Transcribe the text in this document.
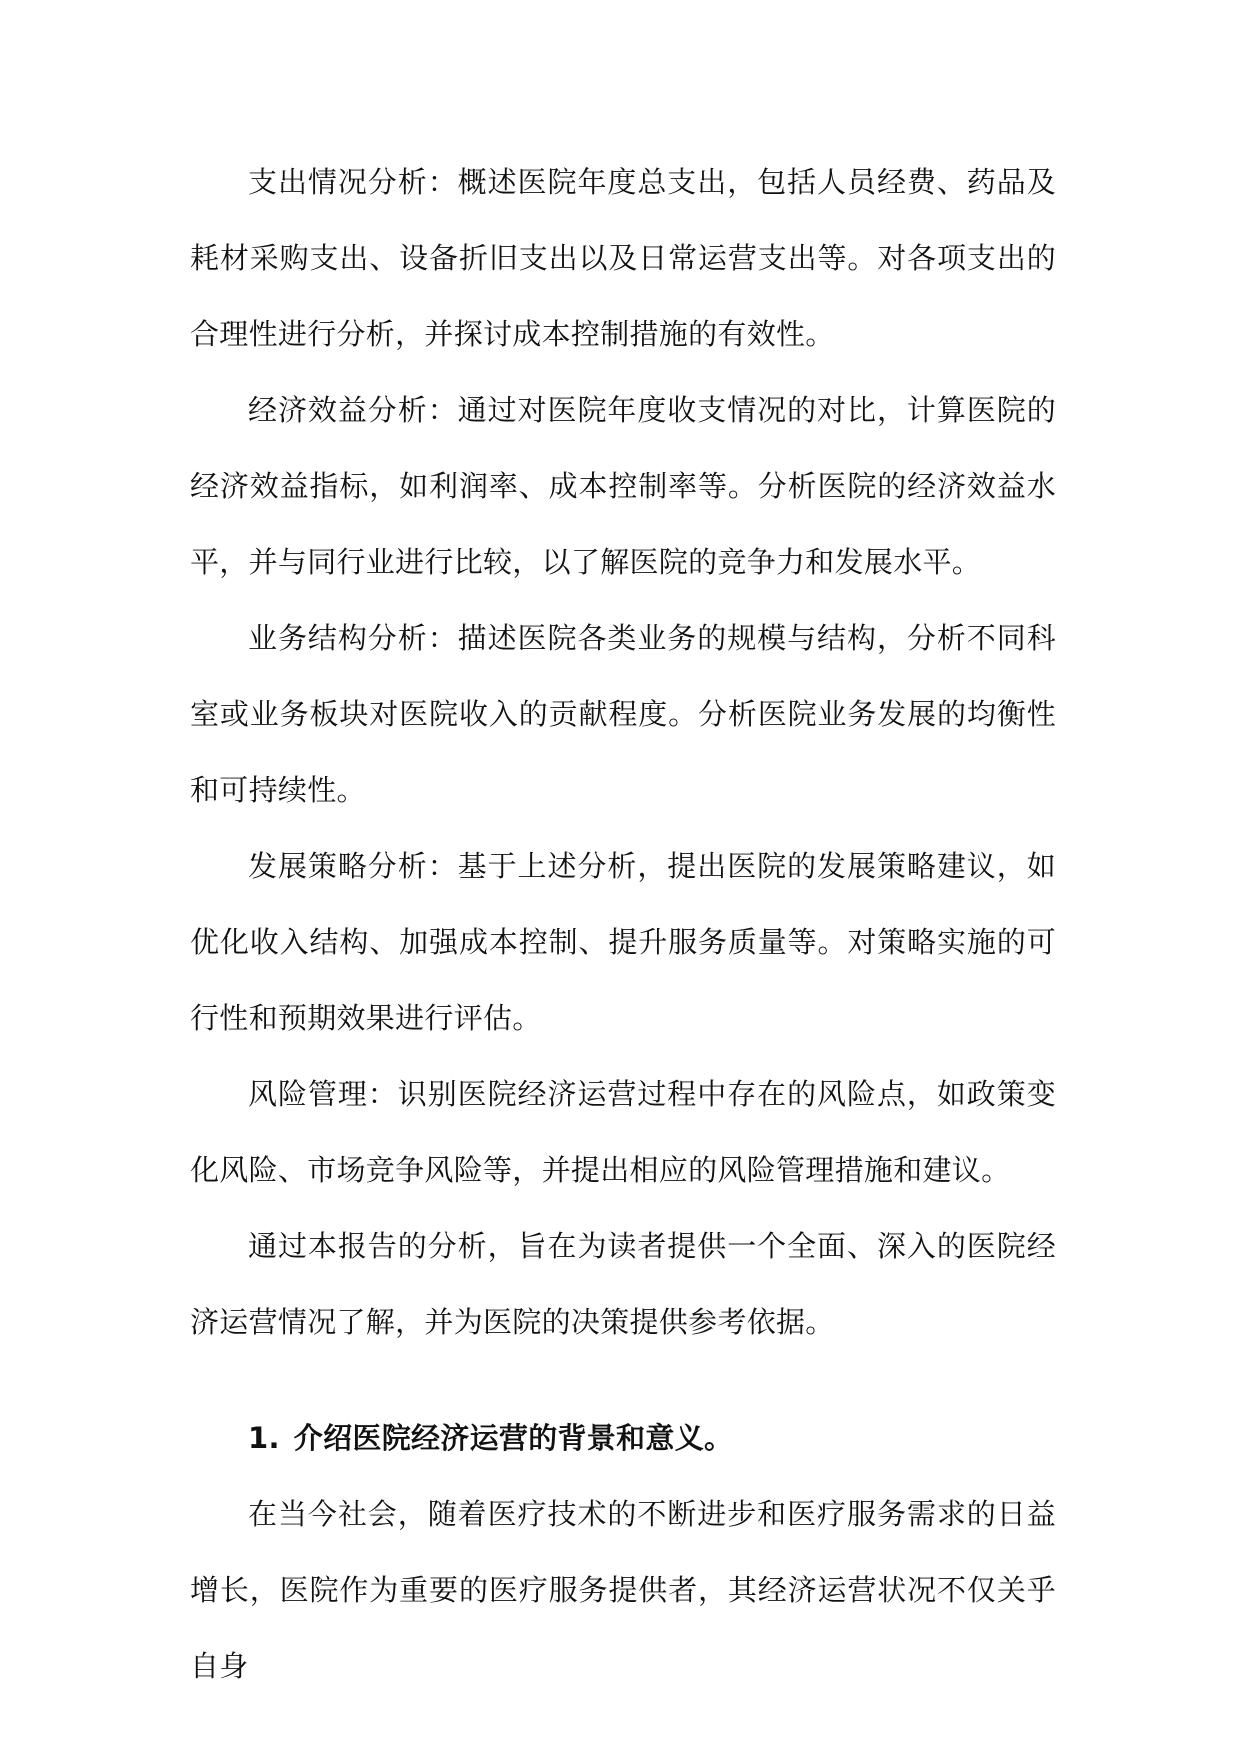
支出情况分析：概述医院年度总支出，包括人员经费、药品及耗材采购支出、设备折旧支出以及日常运营支出等。对各项支出的合理性进行分析，并探讨成本控制措施的有效性。

经济效益分析：通过对医院年度收支情况的对比，计算医院的经济效益指标，如利润率、成本控制率等。分析医院的经济效益水平，并与同行业进行比较，以了解医院的竞争力和发展水平。

业务结构分析：描述医院各类业务的规模与结构，分析不同科室或业务板块对医院收入的贡献程度。分析医院业务发展的均衡性和可持续性。

发展策略分析：基于上述分析，提出医院的发展策略建议，如优化收入结构、加强成本控制、提升服务质量等。对策略实施的可行性和预期效果进行评估。

风险管理：识别医院经济运营过程中存在的风险点，如政策变化风险、市场竞争风险等，并提出相应的风险管理措施和建议。

通过本报告的分析，旨在为读者提供一个全面、深入的医院经济运营情况了解，并为医院的决策提供参考依据。

1. 介绍医院经济运营的背景和意义。

在当今社会，随着医疗技术的不断进步和医疗服务需求的日益增长，医院作为重要的医疗服务提供者，其经济运营状况不仅关乎自身
